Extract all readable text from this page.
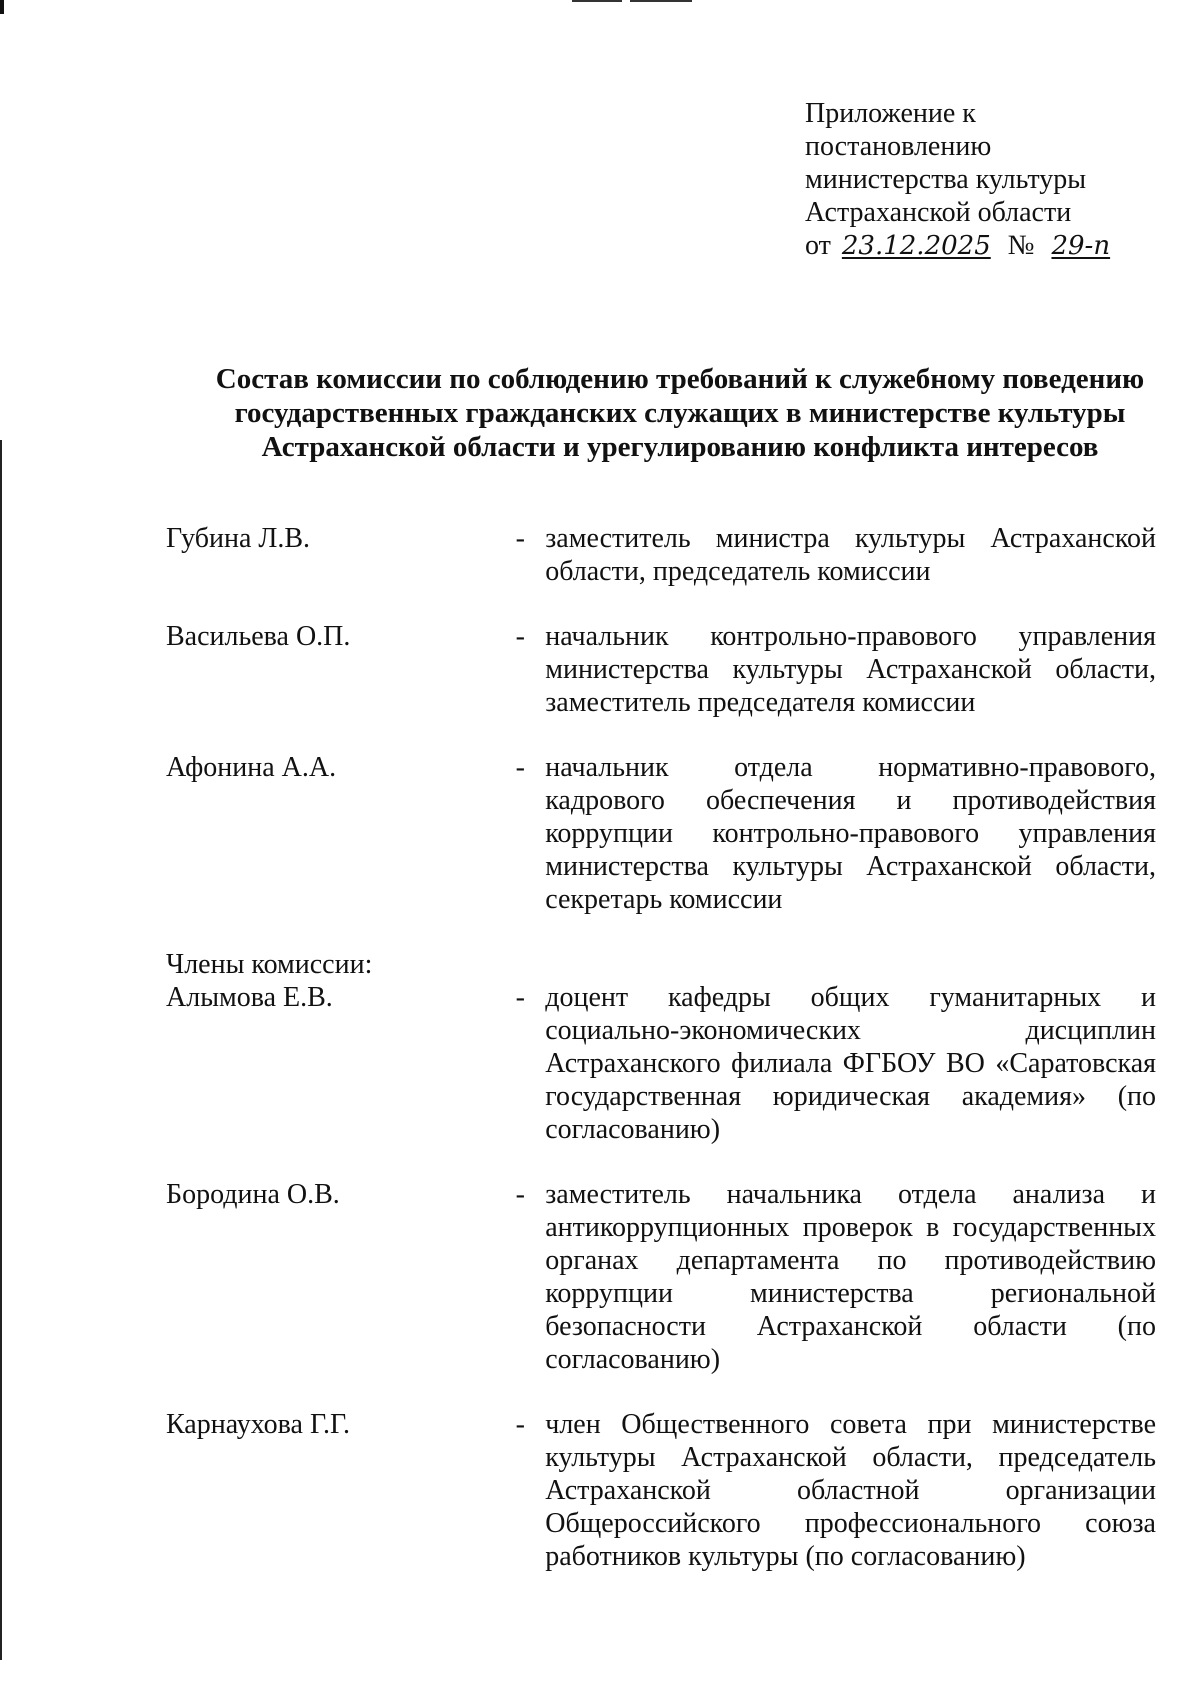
Приложение к
постановлению
министерства культуры
Астраханской области
от 23.12.2025 № 29-п
Состав комиссии по соблюдению требований к служебному поведению
государственных гражданских служащих в министерстве культуры
Астраханской области и урегулированию конфликта интересов
Губина Л.В.	- заместитель министра культуры Астраханской области, председатель комиссии
Васильева О.П.	- начальник контрольно-правового управления министерства культуры Астраханской области, заместитель председателя комиссии
Афонина А.А.	- начальник отдела нормативно-правового, кадрового обеспечения и противодействия коррупции контрольно-правового управления министерства культуры Астраханской области, секретарь комиссии
Члены комиссии:
Алымова Е.В.	- доцент кафедры общих гуманитарных и социально-экономических дисциплин Астраханского филиала ФГБОУ ВО «Саратовская государственная юридическая академия» (по согласованию)
Бородина О.В.	- заместитель начальника отдела анализа и антикоррупционных проверок в государственных органах департамента по противодействию коррупции министерства региональной безопасности Астраханской области (по согласованию)
Карнаухова Г.Г.	- член Общественного совета при министерстве культуры Астраханской области, председатель Астраханской областной организации Общероссийского профессионального союза работников культуры (по согласованию)
